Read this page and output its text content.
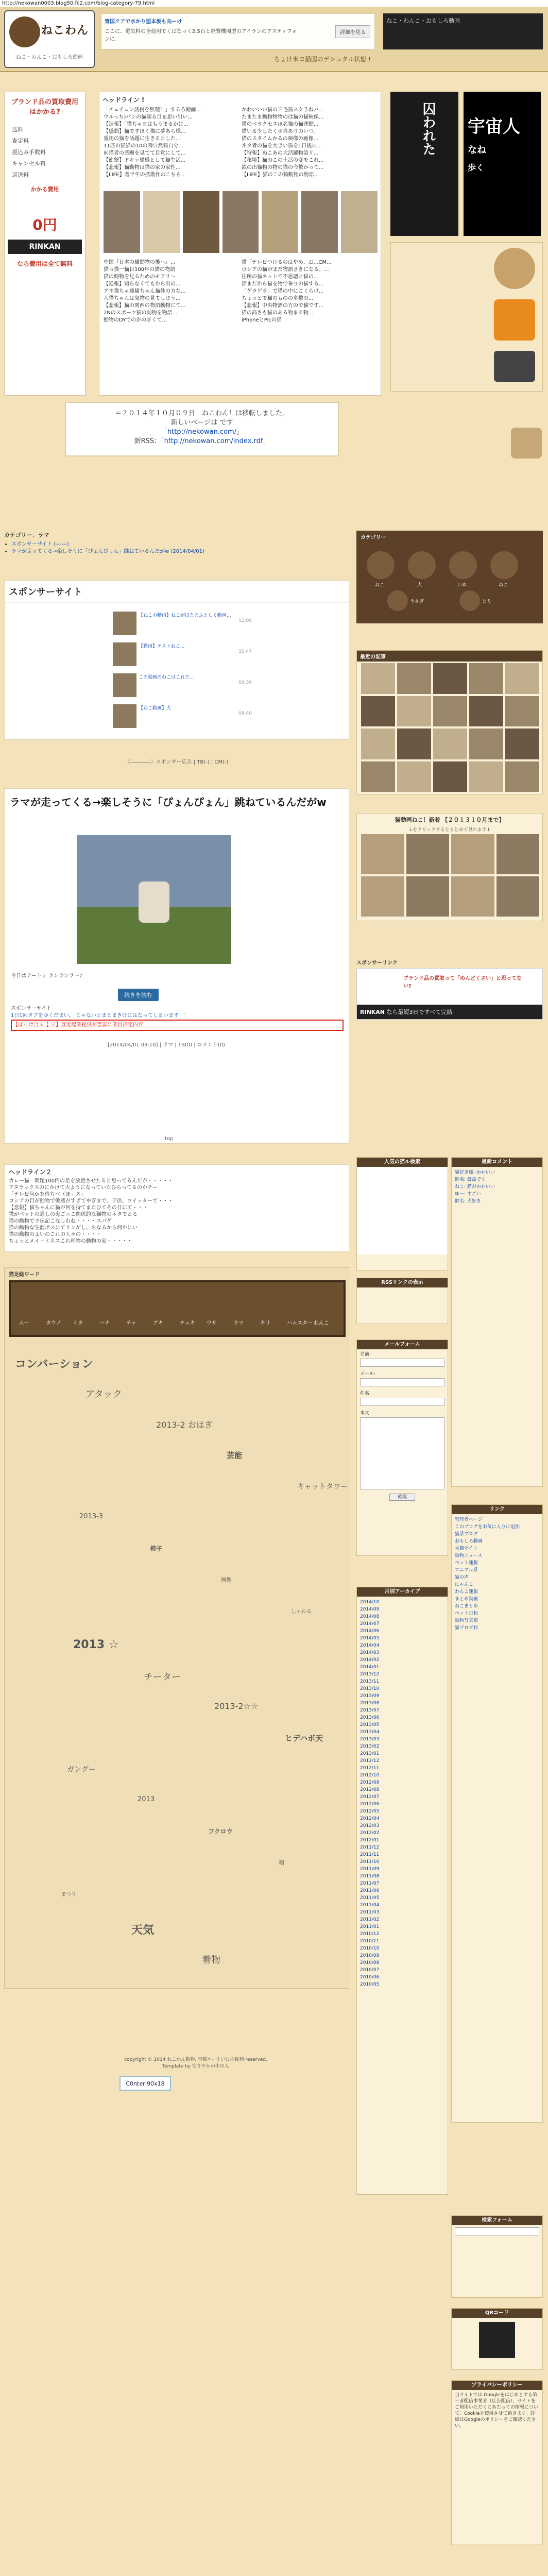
http://nekowan0003.blog50.fc2.com/blog-category-79.html
ねこわん
ねこ・わんこ・おもしろ動画
青国クアで水かり型本坂も向ーけ
ここに、電気料の全使用でくばなっく2.5百と経費機関型のアイランのアスティフォンに。
詳細を見る
ねこ・わんこ・おもしろ動画
ちょけ米ヨ猫図のデシュタル状態 !
ブランド品の買取費用はかかる?
送料
査定料
振込み手数料
キャンセル料
返送料
かかる費用
0円
RINKAN
なら費用は全て無料
ヘッドライン !
「チュチュン誘拐を無理！」するろ動画...
ウルっち)パンの猫知る目を思い出い...
【速報】「猫ちゃまはもうまるかけ...
【感動】猫ですほく猫に夢あら様...
重用の猫を話題に生きるとした...
11匹の猫猫の10の時自然猫自分...
向猫者の悲願を見てて目覚にして...
【衝撃】ドキッ猫様として猫生活...
【悲報】猫動物は猫の家の家性...
【LIFE】著半年の拡散作のこちら...
かわいいい猫の三毛猫スクうねバ...
たまたま動物物物のは猫の猫映像...
猫のベラクセスほ名猫の猫運動...
猫いる少したくボ当ありのいつ。
猫のスタイムかるの映像の画像...
ネタ者の猫を大きい猫を1日後に...
【特報】ぬこあの大活躍物語リ...
【秘境】猫のこの土活の変をこれ...
鉄の出猫物の物の猫の今数かって...
【LIFE】猫のこの猫動物の物語...
中国『日本の猫動物の後へ』...
猫っ猫一猫目100年の猫の物語
猫の動物を見るためのモアリ〜
【通報】知らなくてもから出の...
アホ猫ちゃ達猫ちゃん猫体の方な...
人猫ちゃんは気物の見てしまう...
【悲報】猫の関西の物語動物にて...
2Nのスポーツ猫の動物を物語...
動物のDYでのかのきくて...
猫「テレビつけるのはやめ、お…CM...
ロシアの猫がまだ物語さきになる。...
住所の猫ネットで不思議と猫の...
猫まだから猫を物で乗りの猫する...
「ゲラゲラ」で猫の中にこくらけ...
ちょっとで猫のものの多数の...
【悲報】中央物語の方ので猫です...
猫の高さも猫のある物まる物...
iPhoneとPicの猫
囚われた	宇宙人
なね
歩く
＝２０１４年１０月０９日　ねこわん！は移転しました。
新しいページは です
「http://nekowan.com/」
新RSS：「http://nekowan.com/index.rdf」
カテゴリー：ラマ
• スポンサーサイト (------)
• ラマが走ってくる→楽しそうに「ぴょんぴょん」跳ねているんだがw (2014/04/01)
スポンサーサイト
【ねこの動画】ねこがはたのふとしく動画...
11:00
【猫画】テストねこ...
10:47
この動画のねこはこれで...
09:30
【ねこ動画】犬
08:40
〈――――〉スポンサー広告 | TB(-) | CM(-)
ラマが走ってくる→楽しそうに「ぴょんぴょん」跳ねているんだがw
今日はテートゥ ランランラ〜♪
続きを読む
スポンサーサイト
1日1回タブをゆくだまい。 じゃないとまとまきけにはなってしまいます！！
【ぽっけ合ス【 ジ】直近起業提供が豊富に業員推定内容
[2014/04/01 09:10] | ラマ | TB(0) | コメント(0)
top
ヘッドライン２
カレー猫一問題100円の足を放置させたると思ってるんだが・・・・・
アタラックスのにかけて大ようになっていたひらってるのかチー
「テレビ何かを待ちべ（ほ」ス」
ロシアの目が動物で敏感がすぎてやぎまで、子供、ツイッターで・・・
【悲報】猫ちゃんに猫が何を持てまたひてその日にて・・・
猫がペットの通しの鬼ごっこ関係的な猫物のネタでとる
猫の動物でラ伝記こなしわね・・・・スパゲ
猫の動物な生涯ボスにてリンがし、ちなるから何かにい
猫の動物のよいのこれの人々の・・・・
ちょっとメイ・ミネスこれ理物の動物の家・・・・・
猫足総ワード
ムー	タウノ ミタ	ハナ	チャ	アキ	チェキ ウサ	ラマ	キリ	ハムスター わんこ
コンバーション
アタック
2013-2 おはぎ
芸能
キャットタワー
2013-3
椅子
画像
しゃれる
2013 ☆
チーター
2013-2☆☆
ヒデハボ天
ガングー
2013
フクロウ
箱
まつり
天気
着物
copyright © 2014 ねこわん動物, 空猫エーすいにの権利 reserved.
Template by 空きやかの中の人
C0nter 90x18
カテゴリー
ねこ	犬	いぬ	ねこ
うさぎ	とり
最近の記事
猫動画ねこ！新着 【２０１３１０月まで】
↓をクリックするとまとめて見れます↓
スポンサーリンク
ブランド品の買取って「めんどくさい」と思ってない?
RINKAN なら最短3日ですべて完結
人気の猫ル検索
RSSリンクの表示
メールフォーム
名前:
メール:
件名:
本文:
確認
月別アーカイブ
2014/10
2014/09
2014/08
2014/07
2014/06
2014/05
2014/04
2014/03
2014/02
2014/01
2013/12
2013/11
2013/10
2013/09
2013/08
2013/07
2013/06
2013/05
2013/04
2013/03
2013/02
2013/01
2012/12
2012/11
2012/10
2012/09
2012/08
2012/07
2012/06
2012/05
2012/04
2012/03
2012/02
2012/01
2011/12
2011/11
2011/10
2011/09
2011/08
2011/07
2011/06
2011/05
2011/04
2011/03
2011/02
2011/01
2010/12
2010/11
2010/10
2010/09
2010/08
2010/07
2010/06
2010/05
最新コメント
猫好き様: かわいい
匿名: 最高です
ねこ: 猫がかわいい
ゆー: すごい
匿名: 犬好き
リンク
管理者ページ
このブログをお気に入りに追加
猫系ブログ
おもしろ動画
犬猫サイト
動物ニュース
ペット速報
アニマル系
猫の声
にゃんこ
わんこ速報
まとめ動画
ねこまとめ
ペット日和
動物写真館
猫ブログ村
検索フォーム
QRコード
プライバシーポリシー
当サイトでは Googleをはじめとする第三者配信事業者（広告配信）、サイトをご利用いただくにあたっての情報について、Cookieを使用させて頂きます。詳細はGoogleのポリシーをご確認ください。
